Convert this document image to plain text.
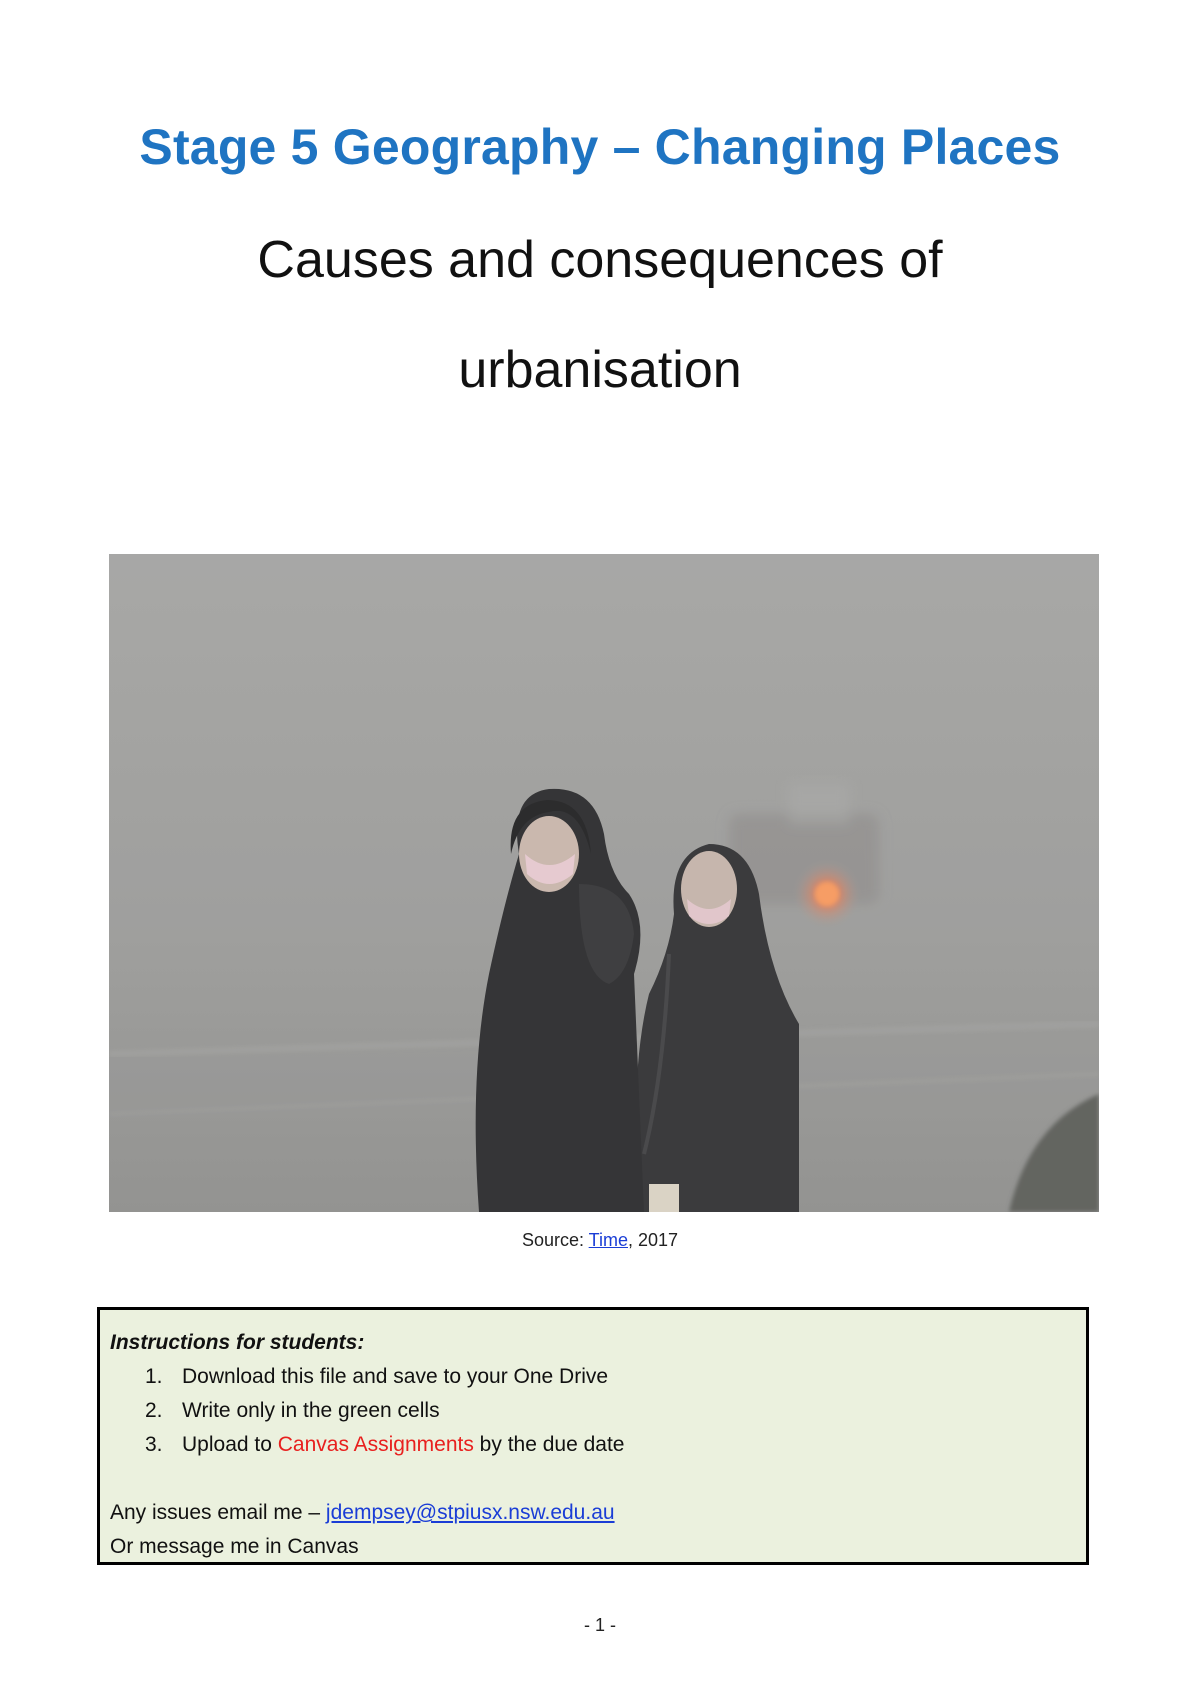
Stage 5 Geography – Changing Places
Causes and consequences of
urbanisation
Source: Time, 2017
Instructions for students:
1. Download this file and save to your One Drive
2. Write only in the green cells
3. Upload to Canvas Assignments by the due date
Any issues email me – jdempsey@stpiusx.nsw.edu.au
Or message me in Canvas
- 1 -
